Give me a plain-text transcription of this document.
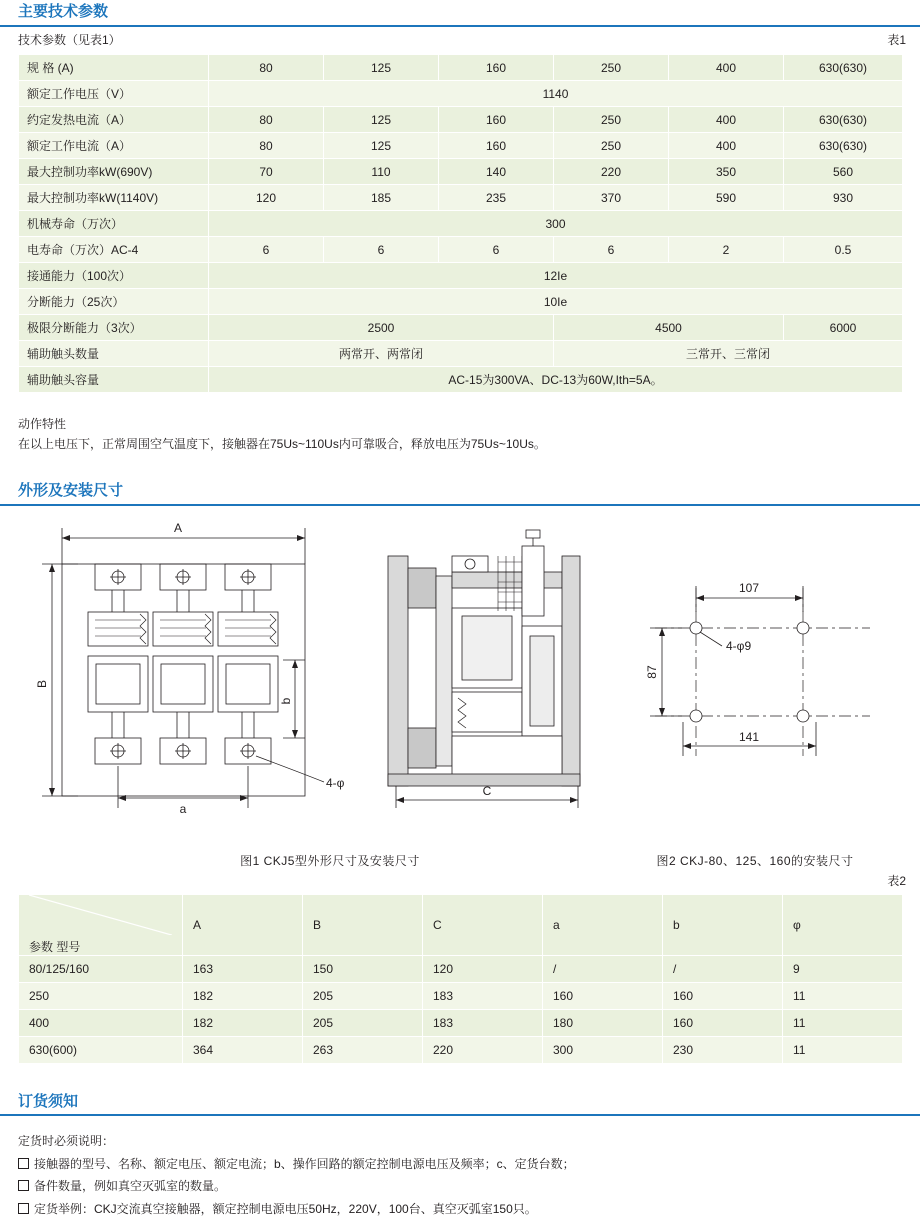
主要技术参数
技术参数（见表1）	表1
规 格 (A)	80	125	160	250	400	630(630)
额定工作电压（V）	1140					
约定发热电流（A）	80	125	160	250	400	630(630)
额定工作电流（A）	80	125	160	250	400	630(630)
最大控制功率kW(690V)	70	110	140	220	350	560
最大控制功率kW(1140V)	120	185	235	370	590	930
机械寿命（万次）	300					
电寿命（万次）AC-4	6	6	6	6	2	0.5
接通能力（100次）	12Ie					
分断能力（25次）	10Ie					
极限分断能力（3次）	2500			4500		6000
辅助触头数量	两常开、两常闭			三常开、三常闭		
辅助触头容量	AC-15为300VA、DC-13为60W,Ith=5A。					
动作特性
在以上电压下，正常周围空气温度下，接触器在75Us~110Us内可靠吸合，释放电压为75Us~10Us。
外形及安装尺寸
A
4-φ
B
b
a
C
107
87
141
4-φ9
图1 CKJ5型外形尺寸及安装尺寸	图2 CKJ-80、125、160的安装尺寸
表2
参数 型号	A	B	C	a	b	φ
80/125/160	163	150	120	/	/	9
250	182	205	183	160	160	11
400	182	205	183	180	160	11
630(600)	364	263	220	300	230	11
订货须知
定货时必须说明：
接触器的型号、名称、额定电压、额定电流；b、操作回路的额定控制电源电压及频率；c、定货台数；
备件数量，例如真空灭弧室的数量。
定货举例：CKJ交流真空接触器，额定控制电源电压50Hz，220V，100台、真空灭弧室150只。
